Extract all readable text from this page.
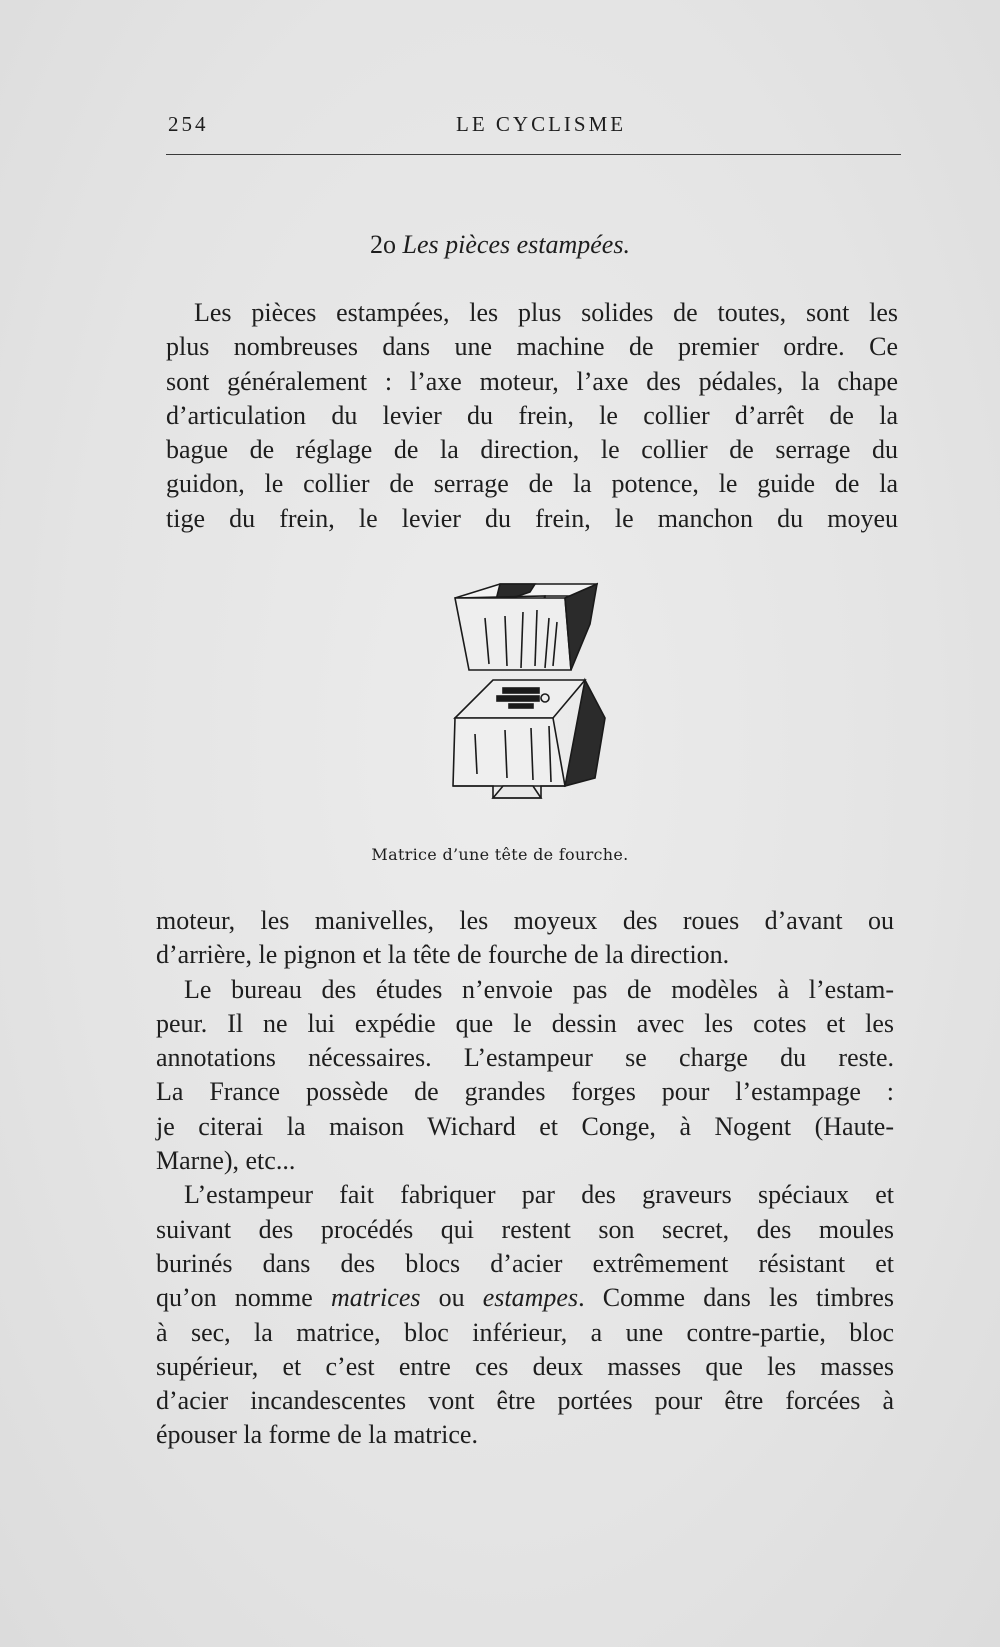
254	LE CYCLISME
2o Les pièces estampées.

Les pièces estampées, les plus solides de toutes, sont les
plus nombreuses dans une machine de premier ordre. Ce
sont généralement : l’axe moteur, l’axe des pédales, la chape
d’articulation du levier du frein, le collier d’arrêt de la
bague de réglage de la direction, le collier de serrage du
guidon, le collier de serrage de la potence, le guide de la
tige du frein, le levier du frein, le manchon du moyeu

Matrice d’une tête de fourche.

moteur, les manivelles, les moyeux des roues d’avant ou
d’arrière, le pignon et la tête de fourche de la direction.
Le bureau des études n’envoie pas de modèles à l’estam-
peur. Il ne lui expédie que le dessin avec les cotes et les
annotations nécessaires. L’estampeur se charge du reste.
La France possède de grandes forges pour l’estampage :
je citerai la maison Wichard et Conge, à Nogent (Haute-
Marne), etc...
L’estampeur fait fabriquer par des graveurs spéciaux et
suivant des procédés qui restent son secret, des moules
burinés dans des blocs d’acier extrêmement résistant et
qu’on nomme matrices ou estampes. Comme dans les timbres
à sec, la matrice, bloc inférieur, a une contre-partie, bloc
supérieur, et c’est entre ces deux masses que les masses
d’acier incandescentes vont être portées pour être forcées à
épouser la forme de la matrice.
